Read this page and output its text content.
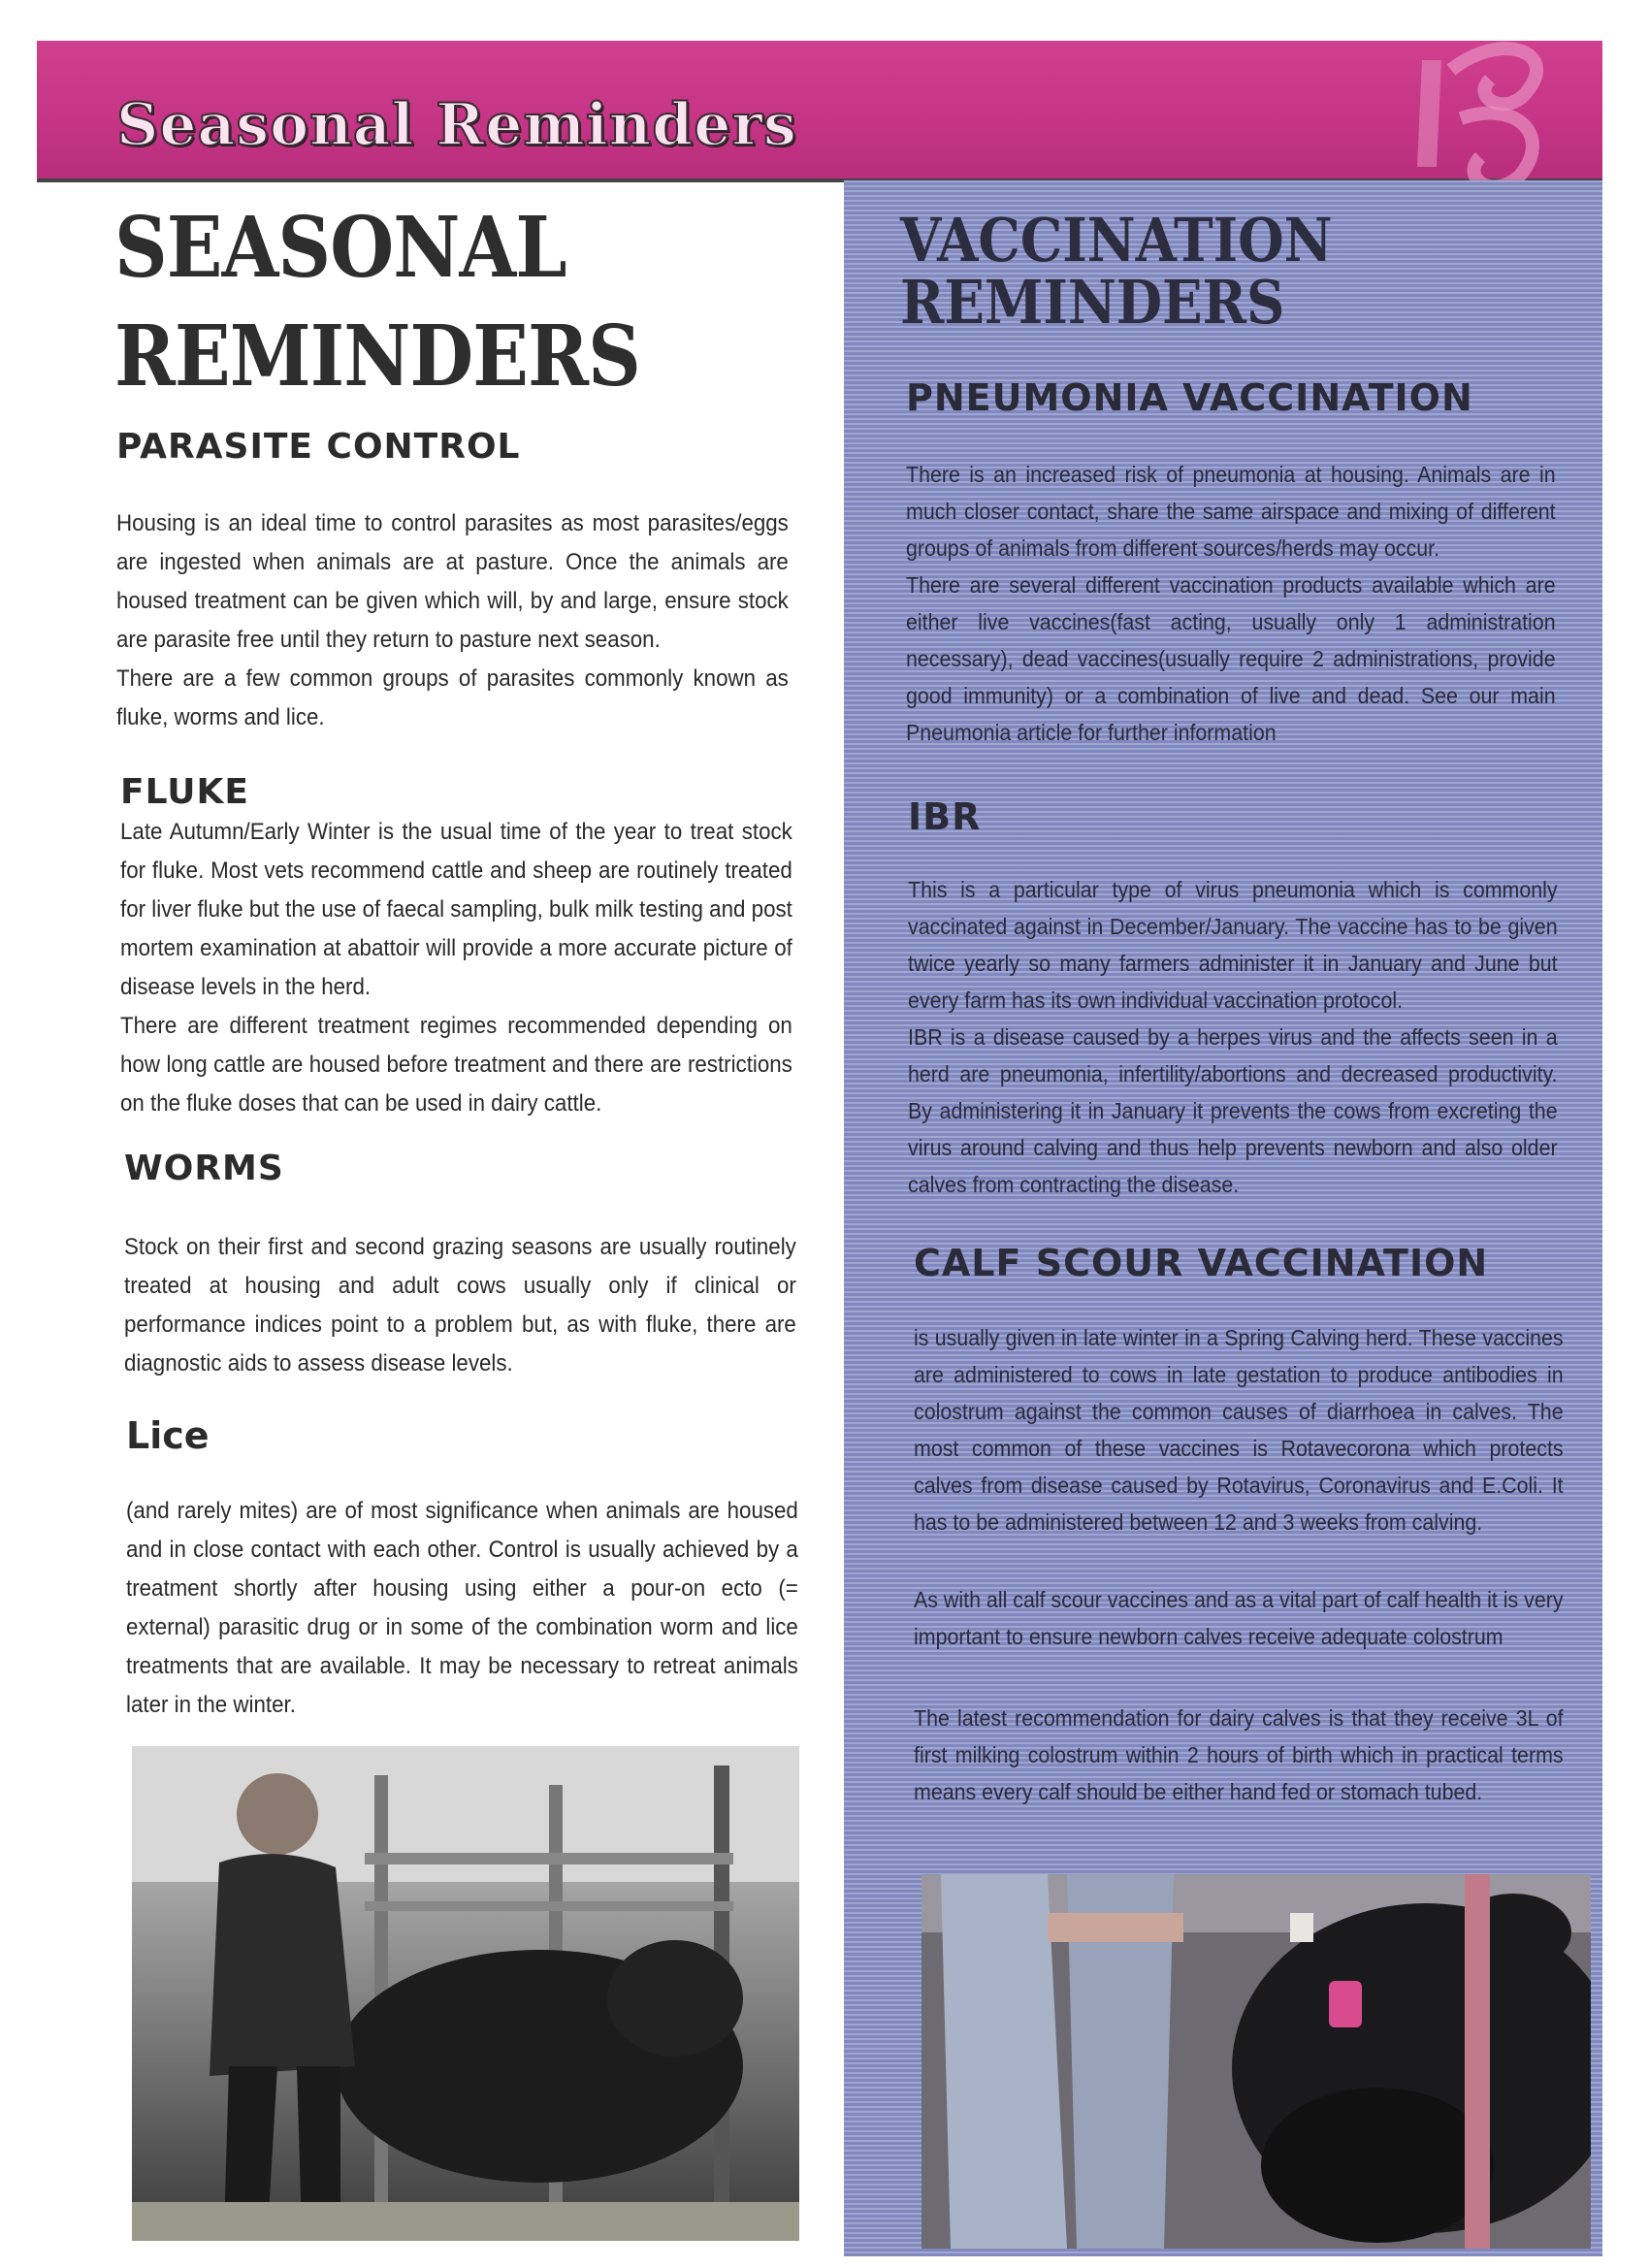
Seasonal Reminders
SEASONAL
REMINDERS
PARASITE CONTROL

Housing is an ideal time to control parasites as most parasites/eggs are ingested when animals are at pasture. Once the animals are housed treatment can be given which will, by and large, ensure stock are parasite free until they return to pasture next season.

There are a few common groups of parasites commonly known as fluke, worms and lice.

FLUKE

Late Autumn/Early Winter is the usual time of the year to treat stock for fluke. Most vets recommend cattle and sheep are routinely treated for liver fluke but the use of faecal sampling, bulk milk testing and post mortem examination at abattoir will provide a more accurate picture of disease levels in the herd.

There are different treatment regimes recommended depending on how long cattle are housed before treatment and there are restrictions on the fluke doses that can be used in dairy cattle.

WORMS

Stock on their first and second grazing seasons are usually routinely treated at housing and adult cows usually only if clinical or performance indices point to a problem but, as with fluke, there are diagnostic aids to assess disease levels.

Lice

(and rarely mites) are of most significance when animals are housed and in close contact with each other. Control is usually achieved by a treatment shortly after housing using either a pour-on ecto (= external) parasitic drug or in some of the combination worm and lice treatments that are available. It may be necessary to retreat animals later in the winter.

VACCINATION
REMINDERS
PNEUMONIA VACCINATION

There is an increased risk of pneumonia at housing. Animals are in much closer contact, share the same airspace and mixing of different groups of animals from different sources/herds may occur.

There are several different vaccination products available which are either live vaccines(fast acting, usually only 1 administration necessary), dead vaccines(usually require 2 administrations, provide good immunity) or a combination of live and dead. See our main Pneumonia article for further information

IBR

This is a particular type of virus pneumonia which is commonly vaccinated against in December/January. The vaccine has to be given twice yearly so many farmers administer it in January and June but every farm has its own individual vaccination protocol.

IBR is a disease caused by a herpes virus and the affects seen in a herd are pneumonia, infertility/abortions and decreased productivity. By administering it in January it prevents the cows from excreting the virus around calving and thus help prevents newborn and also older calves from contracting the disease.

CALF SCOUR VACCINATION

is usually given in late winter in a Spring Calving herd. These vaccines are administered to cows in late gestation to produce antibodies in colostrum against the common causes of diarrhoea in calves. The most common of these vaccines is Rotavecorona which protects calves from disease caused by Rotavirus, Coronavirus and E.Coli. It has to be administered between 12 and 3 weeks from calving.

As with all calf scour vaccines and as a vital part of calf health it is very important to ensure newborn calves receive adequate colostrum

The latest recommendation for dairy calves is that they receive 3L of first milking colostrum within 2 hours of birth which in practical terms means every calf should be either hand fed or stomach tubed.
